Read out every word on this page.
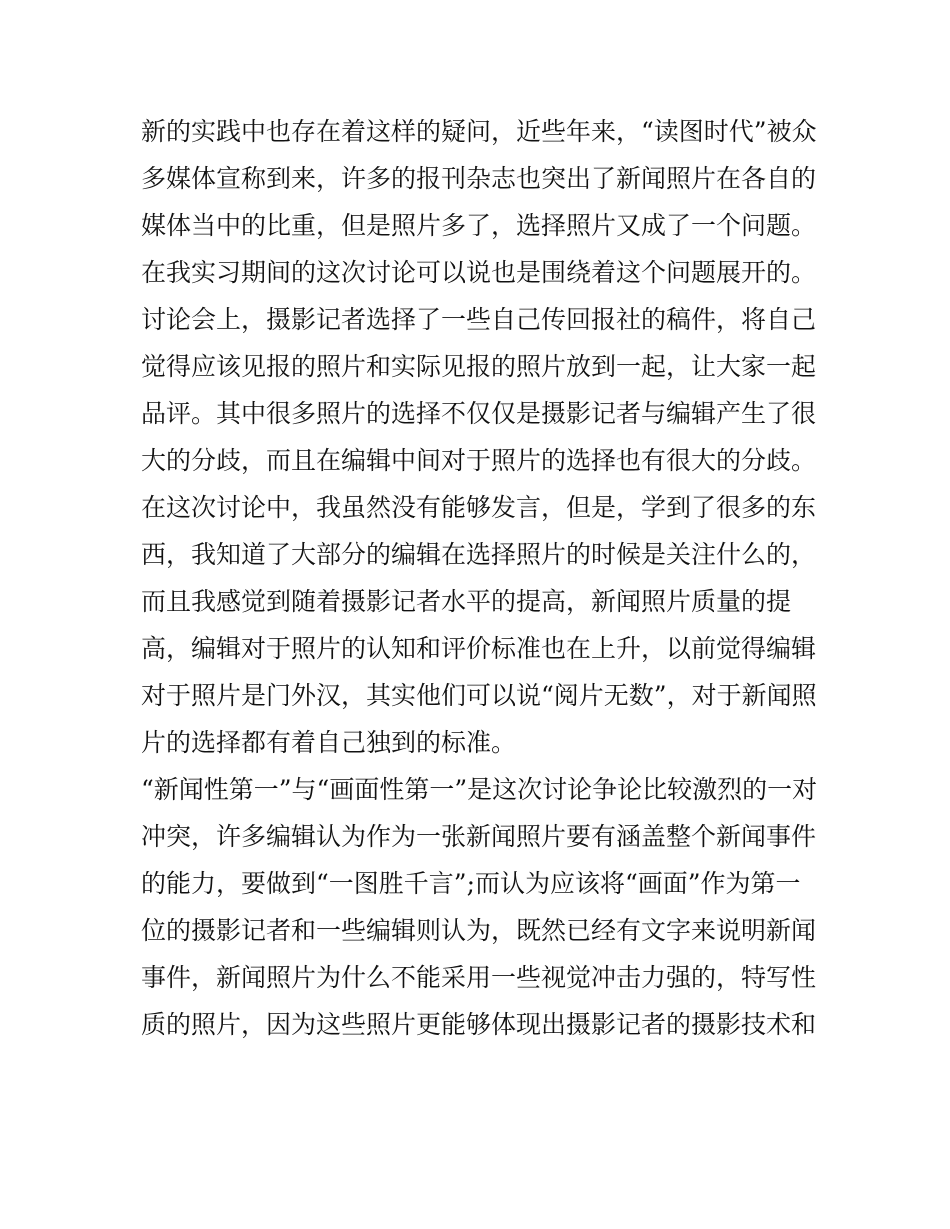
新的实践中也存在着这样的疑问，近些年来，“读图时代”被众
多媒体宣称到来，许多的报刊杂志也突出了新闻照片在各自的
媒体当中的比重，但是照片多了，选择照片又成了一个问题。
在我实习期间的这次讨论可以说也是围绕着这个问题展开的。
讨论会上，摄影记者选择了一些自己传回报社的稿件，将自己
觉得应该见报的照片和实际见报的照片放到一起，让大家一起
品评。其中很多照片的选择不仅仅是摄影记者与编辑产生了很
大的分歧，而且在编辑中间对于照片的选择也有很大的分歧。
在这次讨论中，我虽然没有能够发言，但是，学到了很多的东
西，我知道了大部分的编辑在选择照片的时候是关注什么的，
而且我感觉到随着摄影记者水平的提高，新闻照片质量的提
高，编辑对于照片的认知和评价标准也在上升，以前觉得编辑
对于照片是门外汉，其实他们可以说“阅片无数”，对于新闻照
片的选择都有着自己独到的标准。
“新闻性第一”与“画面性第一”是这次讨论争论比较激烈的一对
冲突，许多编辑认为作为一张新闻照片要有涵盖整个新闻事件
的能力，要做到“一图胜千言”;而认为应该将“画面”作为第一
位的摄影记者和一些编辑则认为，既然已经有文字来说明新闻
事件，新闻照片为什么不能采用一些视觉冲击力强的，特写性
质的照片，因为这些照片更能够体现出摄影记者的摄影技术和
